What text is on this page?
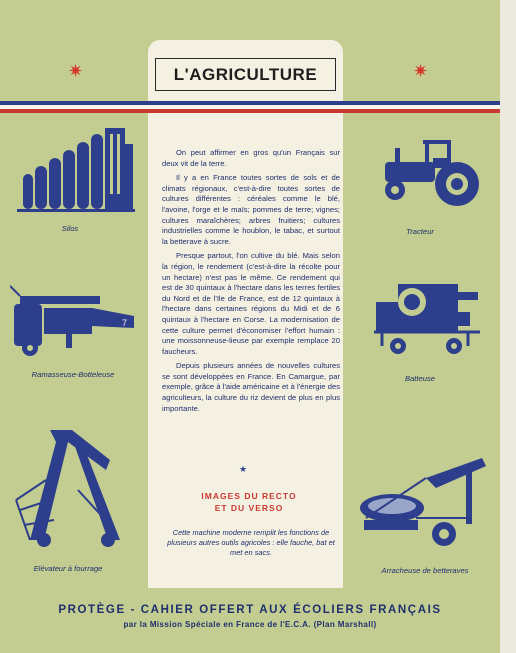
L'AGRICULTURE
✷	✷

On peut affirmer en gros qu'un Français sur deux vit de la terre.

Il y a en France toutes sortes de sols et de climats régionaux, c'est-à-dire toutes sortes de cultures différentes : céréales comme le blé, l'avoine, l'orge et le maïs; pommes de terre; vignes; cultures maraîchères; arbres fruitiers; cultures industrielles comme le houblon, le tabac, et surtout la betterave à sucre.

Presque partout, l'on cultive du blé. Mais selon la région, le rendement (c'est-à-dire la récolte pour un hectare) n'est pas le même. Ce rendement qui est de 30 quintaux à l'hectare dans les terres fertiles du Nord et de l'Ile de France, est de 12 quintaux à l'hectare dans certaines régions du Midi et de 6 quintaux à l'hectare en Corse. La modernisation de cette culture permet d'économiser l'effort humain : une moissonneuse-lieuse par exemple remplace 20 faucheurs.

Depuis plusieurs années de nouvelles cultures se sont développées en France. En Camargue, par exemple, grâce à l'aide américaine et à l'énergie des agriculteurs, la culture du riz devient de plus en plus importante.

★
IMAGES DU RECTO
ET DU VERSO
Cette machine moderne remplit les fonctions de plusieurs autres outils agricoles : elle fauche, bat et met en sacs.
Silos
7
Ramasseuse-Botteleuse
Elévateur à fourrage
Tracteur
Batteuse
Arracheuse de betteraves
PROTÈGE - CAHIER OFFERT AUX ÉCOLIERS FRANÇAIS
par la Mission Spéciale en France de l'E.C.A. (Plan Marshall)
